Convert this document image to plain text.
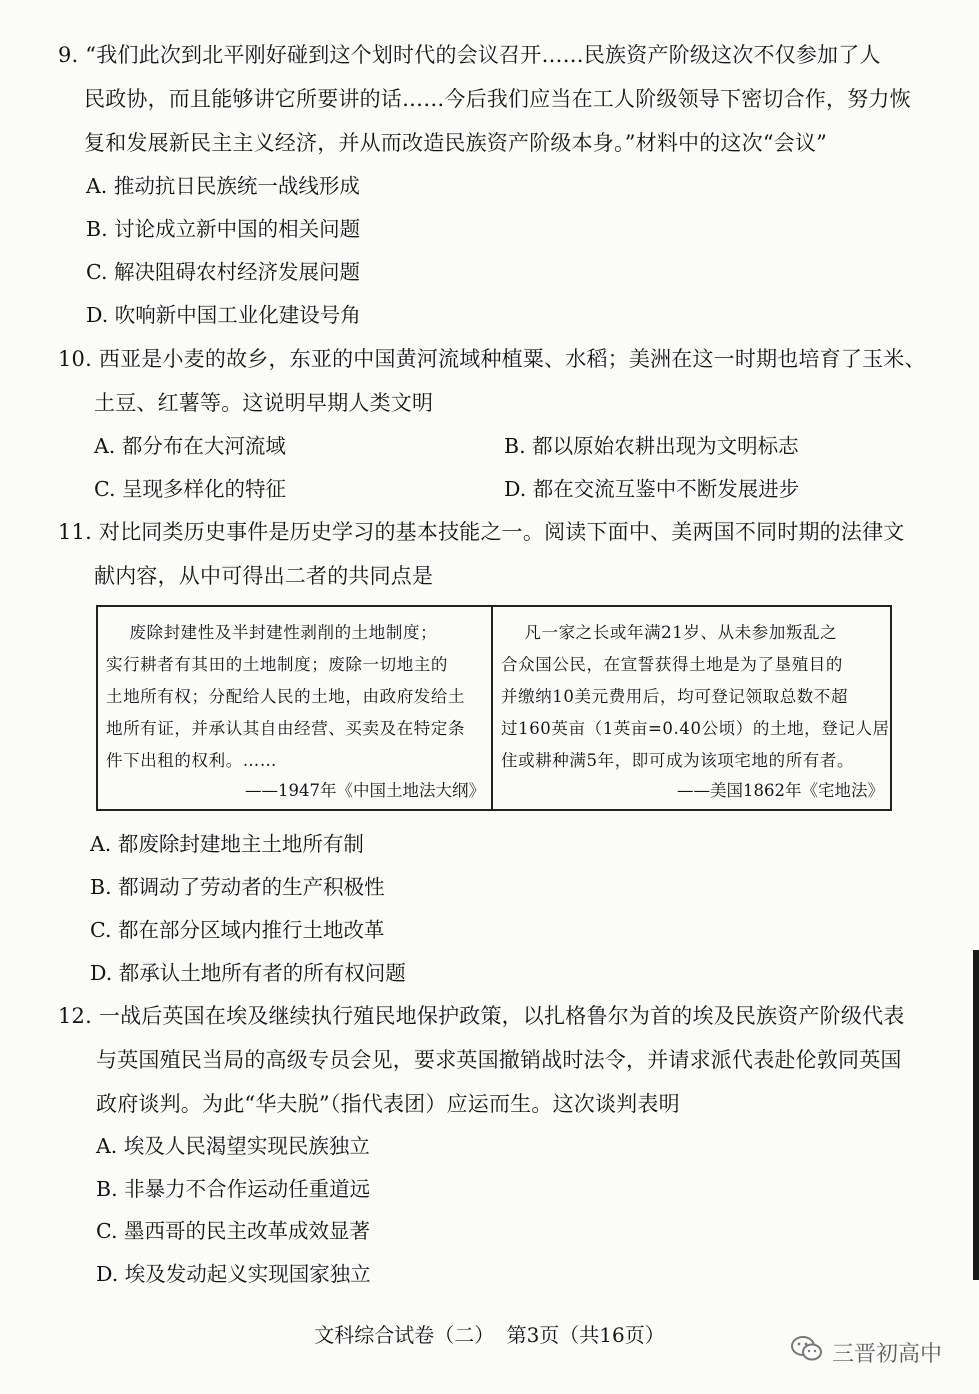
9. “我们此次到北平刚好碰到这个划时代的会议召开……民族资产阶级这次不仅参加了人
民政协，而且能够讲它所要讲的话……今后我们应当在工人阶级领导下密切合作，努力恢
复和发展新民主主义经济，并从而改造民族资产阶级本身。”材料中的这次“会议”
A. 推动抗日民族统一战线形成
B. 讨论成立新中国的相关问题
C. 解决阻碍农村经济发展问题
D. 吹响新中国工业化建设号角
10. 西亚是小麦的故乡，东亚的中国黄河流域种植粟、水稻；美洲在这一时期也培育了玉米、
土豆、红薯等。这说明早期人类文明
A. 都分布在大河流域	B. 都以原始农耕出现为文明标志
C. 呈现多样化的特征	D. 都在交流互鉴中不断发展进步
11. 对比同类历史事件是历史学习的基本技能之一。阅读下面中、美两国不同时期的法律文
献内容，从中可得出二者的共同点是
废除封建性及半封建性剥削的土地制度；
实行耕者有其田的土地制度；废除一切地主的
土地所有权；分配给人民的土地，由政府发给土
地所有证，并承认其自由经营、买卖及在特定条
件下出租的权利。……
——1947年《中国土地法大纲》
凡一家之长或年满21岁、从未参加叛乱之
合众国公民，在宣誓获得土地是为了垦殖目的
并缴纳10美元费用后，均可登记领取总数不超
过160英亩（1英亩=0.40公顷）的土地，登记人居
住或耕种满5年，即可成为该项宅地的所有者。
——美国1862年《宅地法》
A. 都废除封建地主土地所有制
B. 都调动了劳动者的生产积极性
C. 都在部分区域内推行土地改革
D. 都承认土地所有者的所有权问题
12. 一战后英国在埃及继续执行殖民地保护政策，以扎格鲁尔为首的埃及民族资产阶级代表
与英国殖民当局的高级专员会见，要求英国撤销战时法令，并请求派代表赴伦敦同英国
政府谈判。为此“华夫脱”（指代表团）应运而生。这次谈判表明
A. 埃及人民渴望实现民族独立
B. 非暴力不合作运动任重道远
C. 墨西哥的民主改革成效显著
D. 埃及发动起义实现国家独立
文科综合试卷（二） 第3页（共16页）
三晋初高中
